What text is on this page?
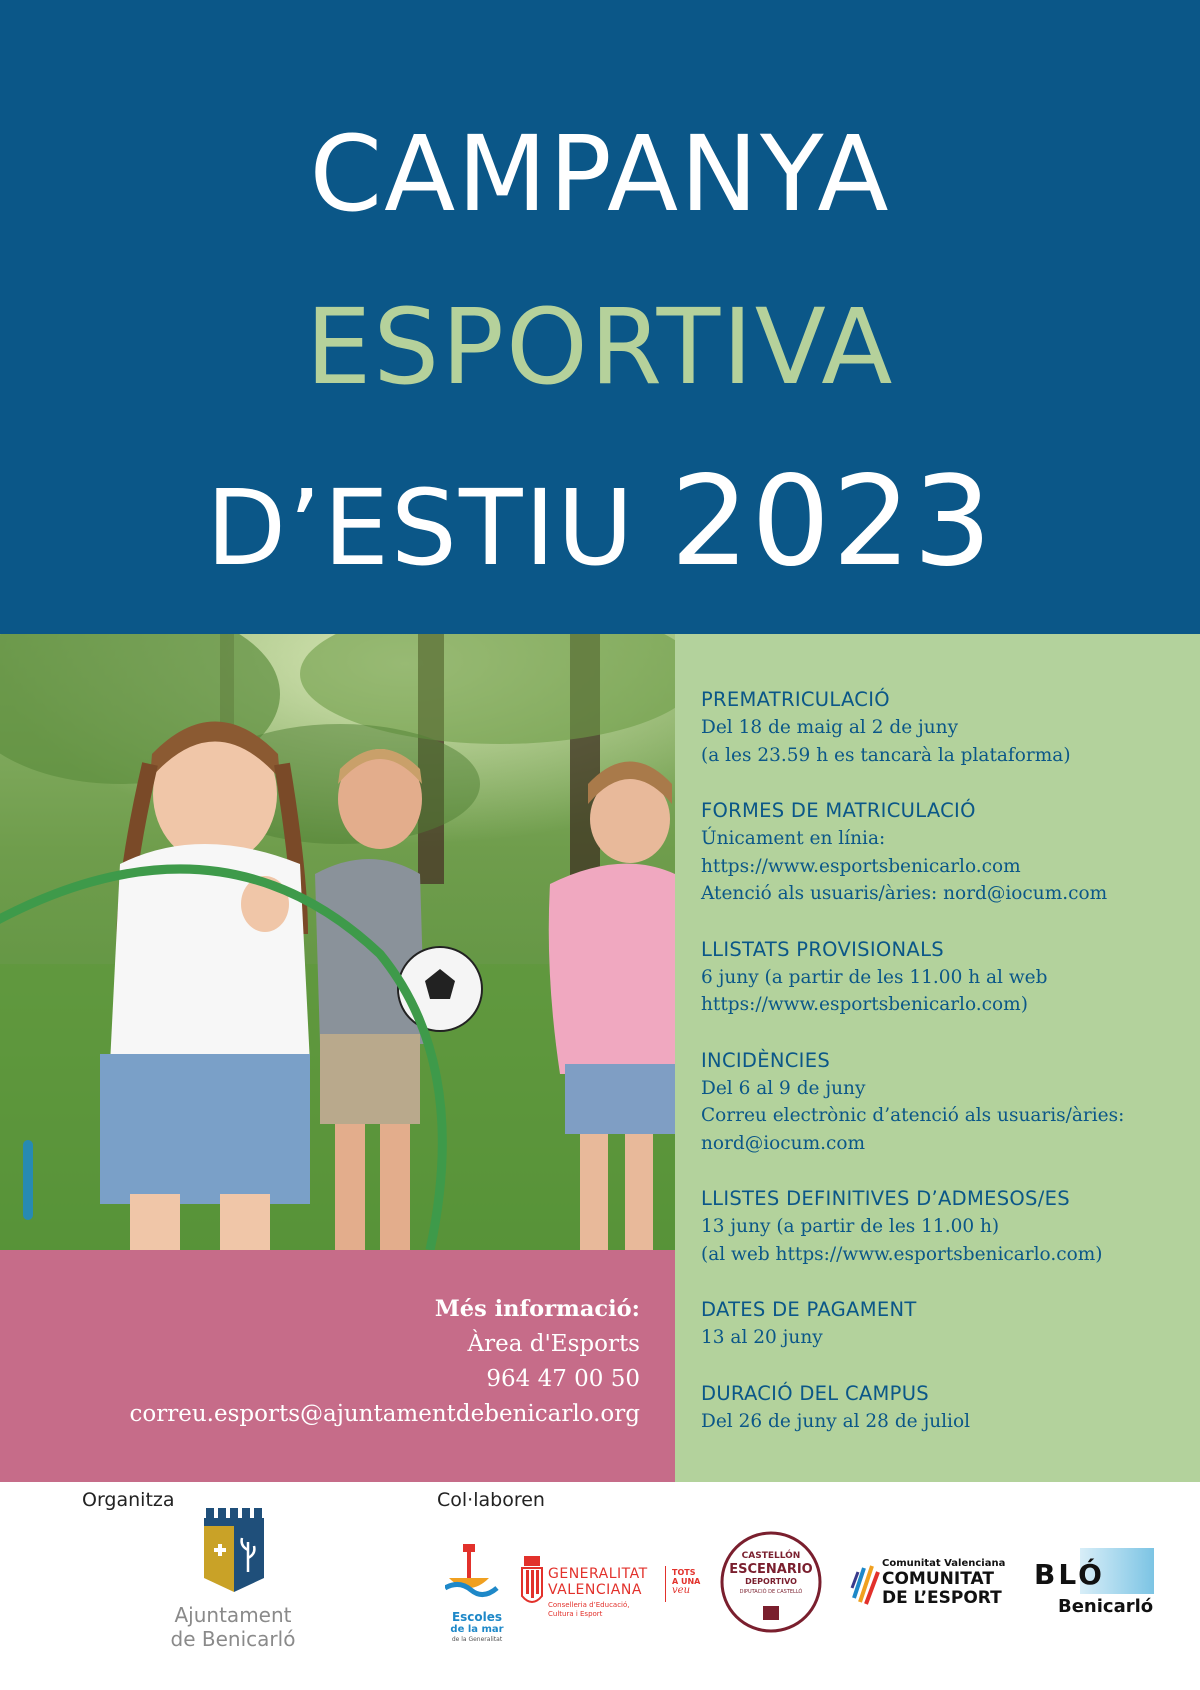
CAMPANYA
ESPORTIVA
D’ESTIU 2023
PREMATRICULACIÓ
Del 18 de maig al 2 de juny
(a les 23.59 h es tancarà la plataforma)
FORMES DE MATRICULACIÓ
Únicament en línia:
https://www.esportsbenicarlo.com
Atenció als usuaris/àries: nord@iocum.com
LLISTATS PROVISIONALS
6 juny (a partir de les 11.00 h al web
https://www.esportsbenicarlo.com)
INCIDÈNCIES
Del 6 al 9 de juny
Correu electrònic d’atenció als usuaris/àries:
nord@iocum.com
LLISTES DEFINITIVES D’ADMESOS/ES
13 juny (a partir de les 11.00 h)
(al web https://www.esportsbenicarlo.com)
DATES DE PAGAMENT
13 al 20 juny
DURACIÓ DEL CAMPUS
Del 26 de juny al 28 de juliol
Més informació:
Àrea d'Esports
964 47 00 50
correu.esports@ajuntamentdebenicarlo.org
Organitza	Col·laboren
Ajuntament
de Benicarló
Escoles
de la mar
de la Generalitat
GENERALITAT
VALENCIANA
Conselleria d’Educació,
Cultura i Esport
TOTS
A UNA
veu
CASTELLÓN
ESCENARIO
DEPORTIVO
DIPUTACIÓ DE CASTELLÓ
Comunitat Valenciana
COMUNITAT
DE L’ESPORT
BLÓ
Benicarló
